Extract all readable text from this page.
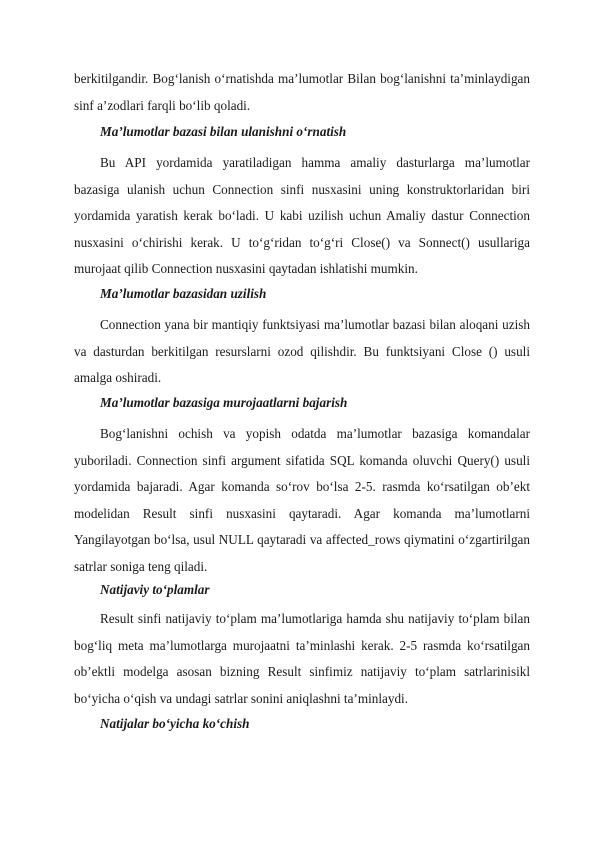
berkitilgandir. Bog‘lanish o‘rnatishda ma’lumotlar Bilan bog‘lanishni ta’minlaydigan sinf a’zodlari farqli bo‘lib qoladi.
Ma’lumotlar bazasi bilan ulanishni o‘rnatish
Bu API yordamida yaratiladigan hamma amaliy dasturlarga ma’lumotlar bazasiga ulanish uchun Connection sinfi nusxasini uning konstruktorlaridan biri yordamida yaratish kerak bo‘ladi. U kabi uzilish uchun Amaliy dastur Connection nusxasini o‘chirishi kerak. U to‘g‘ridan to‘g‘ri Close() va Sonnect() usullariga murojaat qilib Connection nusxasini qaytadan ishlatishi mumkin.
Ma’lumotlar bazasidan uzilish
Connection yana bir mantiqiy funktsiyasi ma’lumotlar bazasi bilan aloqani uzish va dasturdan berkitilgan resurslarni ozod qilishdir. Bu funktsiyani Close () usuli amalga oshiradi.
Ma’lumotlar bazasiga murojaatlarni bajarish
Bog‘lanishni ochish va yopish odatda ma’lumotlar bazasiga komandalar yuboriladi. Connection sinfi argument sifatida SQL komanda oluvchi Query() usuli yordamida bajaradi. Agar komanda so‘rov bo‘lsa 2-5. rasmda ko‘rsatilgan ob’ekt modelidan Result sinfi nusxasini qaytaradi. Agar komanda ma’lumotlarni Yangilayotgan bo‘lsa, usul NULL qaytaradi va affected_rows qiymatini o‘zgartirilgan satrlar soniga teng qiladi.
Natijaviy to‘plamlar
Result sinfi natijaviy to‘plam ma’lumotlariga hamda shu natijaviy to‘plam bilan bog‘liq meta ma’lumotlarga murojaatni ta’minlashi kerak. 2-5 rasmda ko‘rsatilgan ob’ektli modelga asosan bizning Result sinfimiz natijaviy to‘plam satrlarinisikl bo‘yicha o‘qish va undagi satrlar sonini aniqlashni ta’minlaydi.
Natijalar bo‘yicha ko‘chish
